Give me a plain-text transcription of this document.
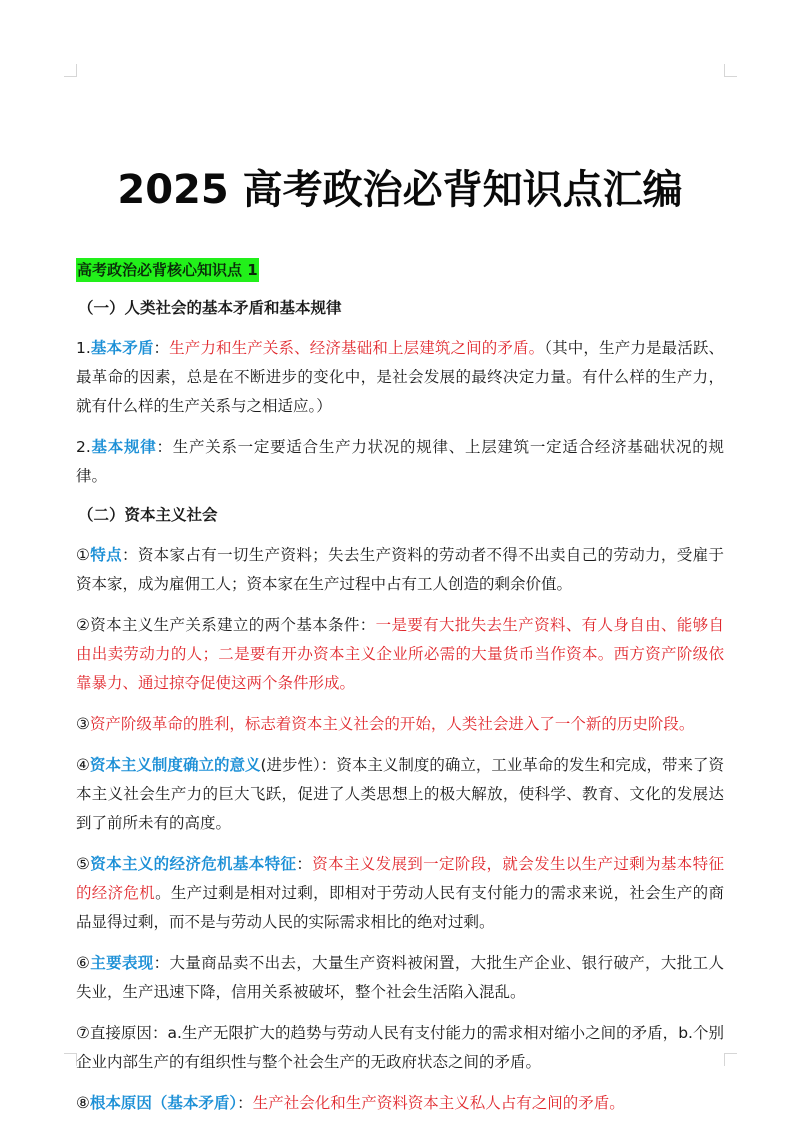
2025 高考政治必背知识点汇编
高考政治必背核心知识点 1
（一）人类社会的基本矛盾和基本规律

1.基本矛盾：生产力和生产关系、经济基础和上层建筑之间的矛盾。（其中，生产力是最活跃、最革命的因素，总是在不断进步的变化中，是社会发展的最终决定力量。有什么样的生产力，就有什么样的生产关系与之相适应。）

2.基本规律：生产关系一定要适合生产力状况的规律、上层建筑一定适合经济基础状况的规律。

（二）资本主义社会

①特点：资本家占有一切生产资料；失去生产资料的劳动者不得不出卖自己的劳动力，受雇于资本家，成为雇佣工人；资本家在生产过程中占有工人创造的剩余价值。

②资本主义生产关系建立的两个基本条件：一是要有大批失去生产资料、有人身自由、能够自由出卖劳动力的人；二是要有开办资本主义企业所必需的大量货币当作资本。西方资产阶级依靠暴力、通过掠夺促使这两个条件形成。

③资产阶级革命的胜利，标志着资本主义社会的开始，人类社会进入了一个新的历史阶段。

④资本主义制度确立的意义(进步性）：资本主义制度的确立，工业革命的发生和完成，带来了资本主义社会生产力的巨大飞跃，促进了人类思想上的极大解放，使科学、教育、文化的发展达到了前所未有的高度。

⑤资本主义的经济危机基本特征：资本主义发展到一定阶段，就会发生以生产过剩为基本特征的经济危机。生产过剩是相对过剩，即相对于劳动人民有支付能力的需求来说，社会生产的商品显得过剩，而不是与劳动人民的实际需求相比的绝对过剩。

⑥主要表现：大量商品卖不出去，大量生产资料被闲置，大批生产企业、银行破产，大批工人失业，生产迅速下降，信用关系被破坏，整个社会生活陷入混乱。

⑦直接原因：a.生产无限扩大的趋势与劳动人民有支付能力的需求相对缩小之间的矛盾，b.个别企业内部生产的有组织性与整个社会生产的无政府状态之间的矛盾。

⑧根本原因（基本矛盾）：生产社会化和生产资料资本主义私人占有之间的矛盾。
